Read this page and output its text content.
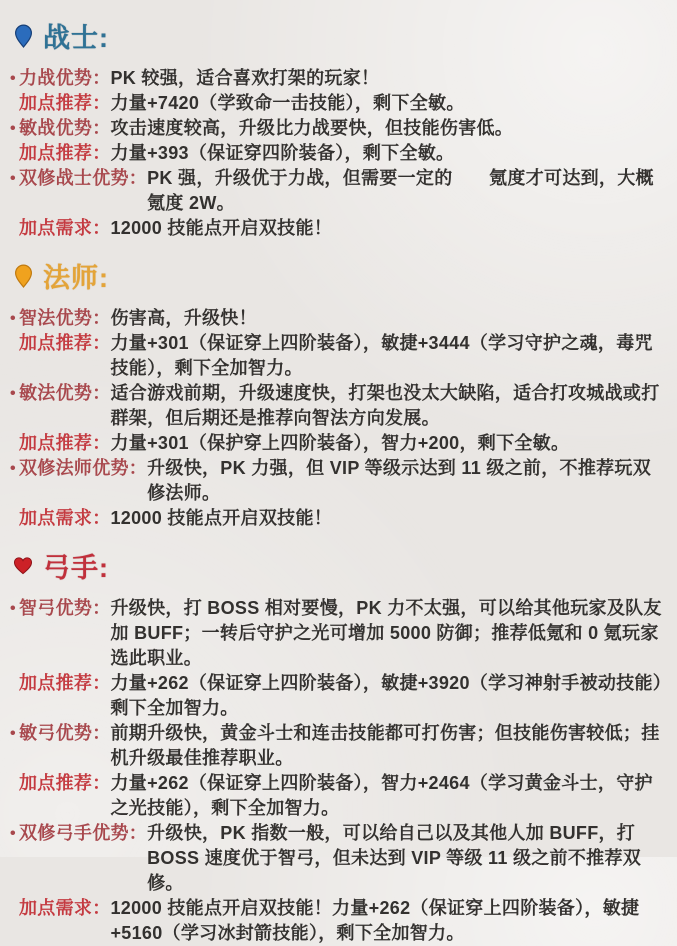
战士:
• 力战优势： PK 较强，适合喜欢打架的玩家！
加点推荐： 力量+7420（学致命一击技能），剩下全敏。
• 敏战优势： 攻击速度较高，升级比力战要快，但技能伤害低。
加点推荐： 力量+393（保证穿四阶装备），剩下全敏。
• 双修战士优势： PK 强，升级优于力战，但需要一定的　　氪度才可达到，大概氪度 2W。
加点需求： 12000 技能点开启双技能！
法师:
• 智法优势： 伤害高，升级快！
加点推荐： 力量+301（保证穿上四阶装备），敏捷+3444（学习守护之魂，毒咒技能），剩下全加智力。
• 敏法优势： 适合游戏前期，升级速度快，打架也没太大缺陷，适合打攻城战或打群架，但后期还是推荐向智法方向发展。
加点推荐： 力量+301（保护穿上四阶装备），智力+200，剩下全敏。
• 双修法师优势： 升级快，PK 力强，但 VIP 等级示达到 11 级之前，不推荐玩双修法师。
加点需求： 12000 技能点开启双技能！
弓手:
• 智弓优势： 升级快，打 BOSS 相对要慢，PK 力不太强，可以给其他玩家及队友加 BUFF；一转后守护之光可增加 5000 防御；推荐低氪和 0 氪玩家选此职业。
加点推荐： 力量+262（保证穿上四阶装备），敏捷+3920（学习神射手被动技能）剩下全加智力。
• 敏弓优势： 前期升级快，黄金斗士和连击技能都可打伤害；但技能伤害较低；挂机升级最佳推荐职业。
加点推荐： 力量+262（保证穿上四阶装备），智力+2464（学习黄金斗士，守护之光技能），剩下全加智力。
• 双修弓手优势： 升级快，PK 指数一般，可以给自己以及其他人加 BUFF，打 BOSS 速度优于智弓，但未达到 VIP 等级 11 级之前不推荐双修。
加点需求： 12000 技能点开启双技能！力量+262（保证穿上四阶装备），敏捷+5160（学习冰封箭技能），剩下全加智力。
